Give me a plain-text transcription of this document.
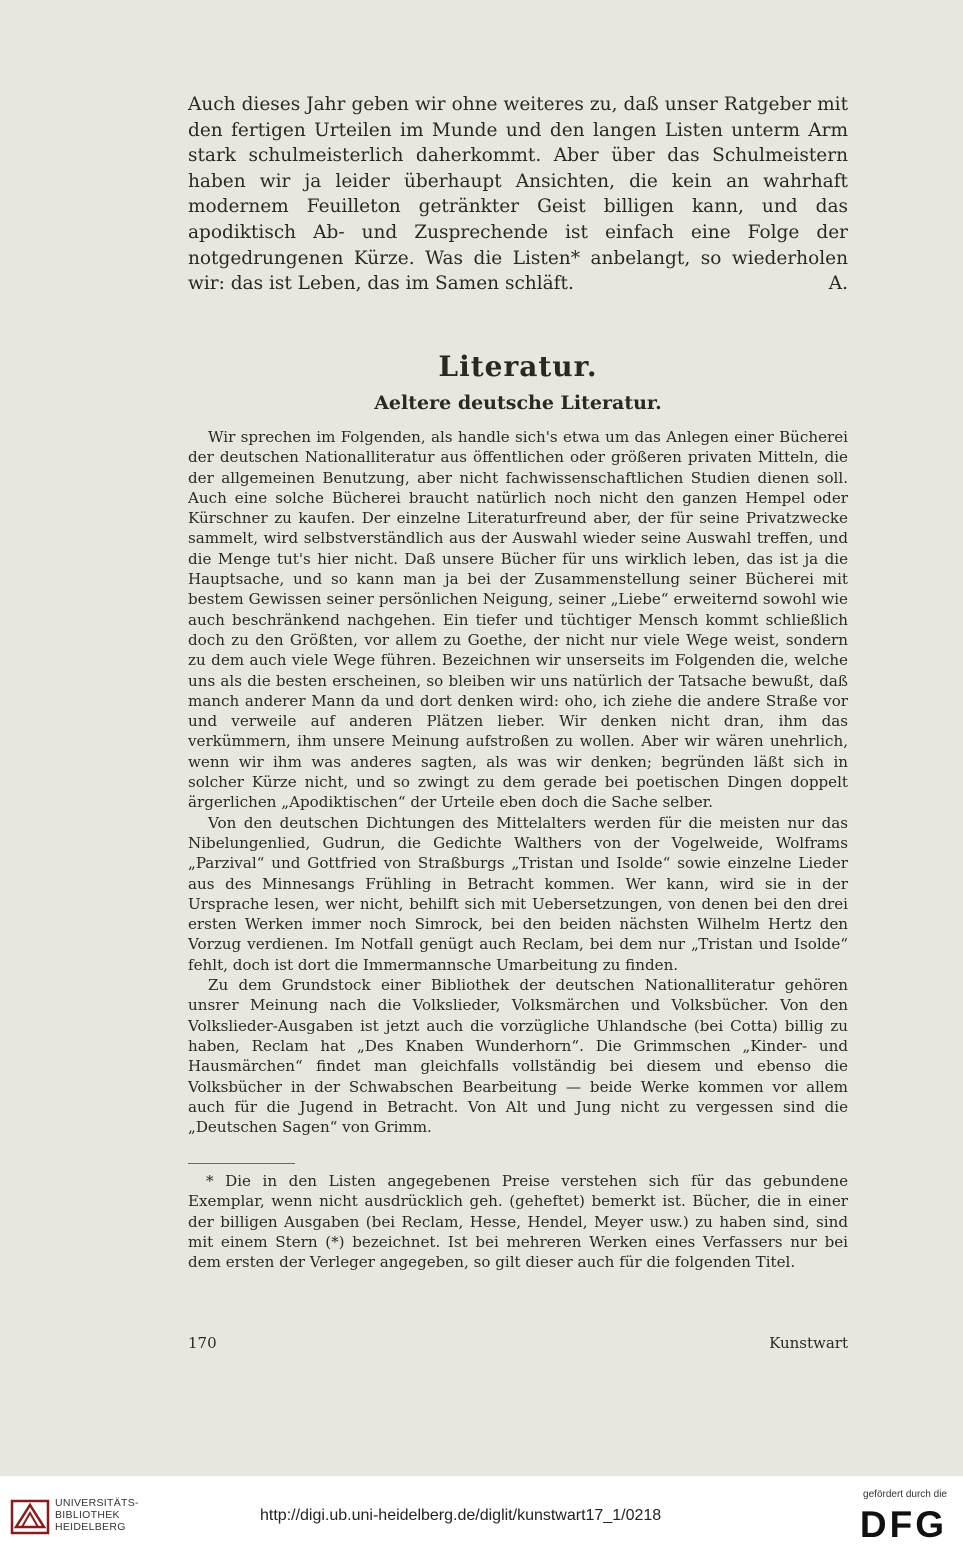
Auch dieses Jahr geben wir ohne weiteres zu, daß unser Ratgeber mit den fertigen Urteilen im Munde und den langen Listen unterm Arm stark schulmeisterlich daherkommt. Aber über das Schulmeistern haben wir ja leider überhaupt Ansichten, die kein an wahrhaft modernem Feuilleton getränkter Geist billigen kann, und das apodiktisch Ab- und Zusprechende ist einfach eine Folge der notgedrungenen Kürze. Was die Listen* anbelangt, so wiederholen wir: das ist Leben, das im Samen schläft.	A.
Literatur.
Aeltere deutsche Literatur.

Wir sprechen im Folgenden, als handle sich's etwa um das Anlegen einer Bücherei der deutschen Nationalliteratur aus öffentlichen oder größeren privaten Mitteln, die der allgemeinen Benutzung, aber nicht fachwissenschaftlichen Studien dienen soll. Auch eine solche Bücherei braucht natürlich noch nicht den ganzen Hempel oder Kürschner zu kaufen. Der einzelne Literaturfreund aber, der für seine Privatzwecke sammelt, wird selbstverständlich aus der Auswahl wieder seine Auswahl treffen, und die Menge tut's hier nicht. Daß unsere Bücher für uns wirklich leben, das ist ja die Hauptsache, und so kann man ja bei der Zusammenstellung seiner Bücherei mit bestem Gewissen seiner persönlichen Neigung, seiner „Liebe“ erweiternd sowohl wie auch beschränkend nachgehen. Ein tiefer und tüchtiger Mensch kommt schließlich doch zu den Größten, vor allem zu Goethe, der nicht nur viele Wege weist, sondern zu dem auch viele Wege führen. Bezeichnen wir unserseits im Folgenden die, welche uns als die besten erscheinen, so bleiben wir uns natürlich der Tatsache bewußt, daß manch anderer Mann da und dort denken wird: oho, ich ziehe die andere Straße vor und verweile auf anderen Plätzen lieber. Wir denken nicht dran, ihm das verkümmern, ihm unsere Meinung aufstroßen zu wollen. Aber wir wären unehrlich, wenn wir ihm was anderes sagten, als was wir denken; begründen läßt sich in solcher Kürze nicht, und so zwingt zu dem gerade bei poetischen Dingen doppelt ärgerlichen „Apodiktischen“ der Urteile eben doch die Sache selber.

Von den deutschen Dichtungen des Mittelalters werden für die meisten nur das Nibelungenlied, Gudrun, die Gedichte Walthers von der Vogelweide, Wolframs „Parzival“ und Gottfried von Straßburgs „Tristan und Isolde“ sowie einzelne Lieder aus des Minnesangs Frühling in Betracht kommen. Wer kann, wird sie in der Ursprache lesen, wer nicht, behilft sich mit Uebersetzungen, von denen bei den drei ersten Werken immer noch Simrock, bei den beiden nächsten Wilhelm Hertz den Vorzug verdienen. Im Notfall genügt auch Reclam, bei dem nur „Tristan und Isolde“ fehlt, doch ist dort die Immermannsche Umarbeitung zu finden.

Zu dem Grundstock einer Bibliothek der deutschen Nationalliteratur gehören unsrer Meinung nach die Volkslieder, Volksmärchen und Volksbücher. Von den Volkslieder-Ausgaben ist jetzt auch die vorzügliche Uhlandsche (bei Cotta) billig zu haben, Reclam hat „Des Knaben Wunderhorn“. Die Grimmschen „Kinder- und Hausmärchen“ findet man gleichfalls vollständig bei diesem und ebenso die Volksbücher in der Schwabschen Bearbeitung — beide Werke kommen vor allem auch für die Jugend in Betracht. Von Alt und Jung nicht zu vergessen sind die „Deutschen Sagen“ von Grimm.

* Die in den Listen angegebenen Preise verstehen sich für das gebundene Exemplar, wenn nicht ausdrücklich geh. (geheftet) bemerkt ist. Bücher, die in einer der billigen Ausgaben (bei Reclam, Hesse, Hendel, Meyer usw.) zu haben sind, sind mit einem Stern (*) bezeichnet. Ist bei mehreren Werken eines Verfassers nur bei dem ersten der Verleger angegeben, so gilt dieser auch für die folgenden Titel.

170	Kunstwart
UNIVERSITÄTS-
BIBLIOTHEK
HEIDELBERG
http://digi.ub.uni-heidelberg.de/diglit/kunstwart17_1/0218
gefördert durch die
DFG
